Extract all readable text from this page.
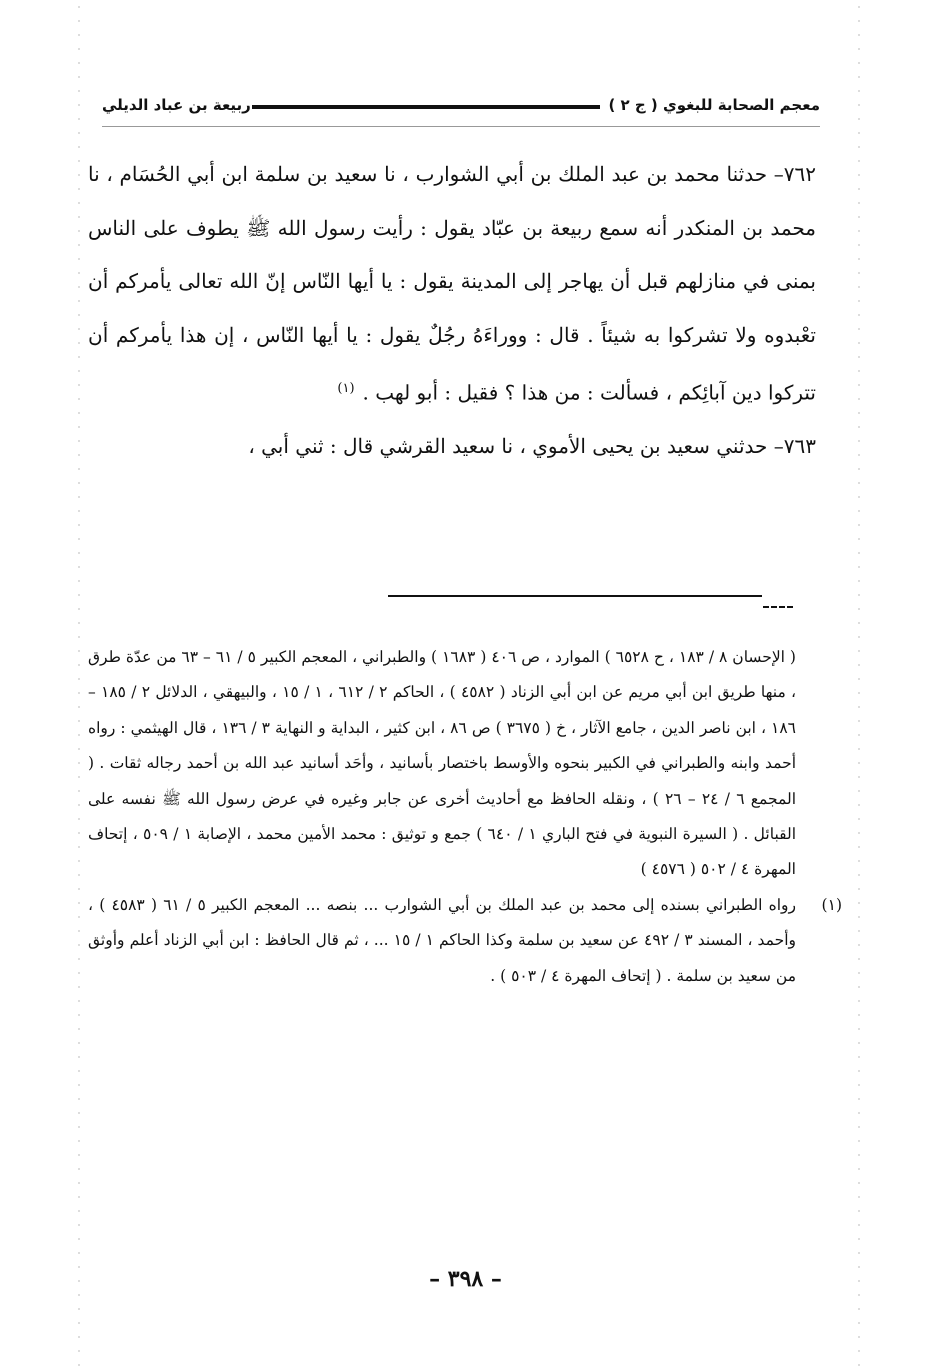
معجم الصحابة للبغوي ( ج ٢ )
ربيعة بن عباد الديلي

٧٦٢– حدثنا محمد بن عبد الملك بن أبي الشوارب ، نا سعيد بن سلمة ابن أبي الحُسَام ، نا محمد بن المنكدر أنه سمع ربيعة بن عبّاد يقول : رأيت رسول الله ﷺ يطوف على الناس بمنى في منازلهم قبل أن يهاجر إلى المدينة يقول : يا أيها النّاس إنّ الله تعالى يأمركم أن تعْبدوه ولا تشركوا به شيئاً . قال : ووراءَهُ رجُلٌ يقول : يا أيها النّاس ، إن هذا يأمركم أن تتركوا دين آبائِكم ، فسألت : من هذا ؟ فقيل : أبو لهب .$^{(١)}$

٧٦٣– حدثني سعيد بن يحيى الأموي ، نا سعيد القرشي قال : ثني أبي ،

( الإحسان ٨ / ١٨٣ ، ح ٦٥٢٨ ) الموارد ، ص ٤٠٦ ( ١٦٨٣ ) والطبراني ، المعجم الكبير ٥ / ٦١ – ٦٣ من عدّة طرق ، منها طريق ابن أبي مريم عن ابن أبي الزناد ( ٤٥٨٢ ) ، الحاكم ٢ / ٦١٢ ، ١ / ١٥ ، والبيهقي ، الدلائل ٢ / ١٨٥ – ١٨٦ ، ابن ناصر الدين ، جامع الآثار ، خ ( ٣٦٧٥ ) ص ٨٦ ، ابن كثير ، البداية و النهاية ٣ / ١٣٦ ، قال الهيثمي : رواه أحمد وابنه والطبراني في الكبير بنحوه والأوسط باختصار بأسانيد ، وأحَد أسانيد عبد الله بن أحمد رجاله ثقات . ( المجمع ٦ / ٢٤ – ٢٦ ) ، ونقله الحافظ مع أحاديث أخرى عن جابر وغيره في عرض رسول الله ﷺ نفسه على القبائل . ( السيرة النبوية في فتح الباري ١ / ٦٤٠ ) جمع و توثيق : محمد الأمين محمد ، الإصابة ١ / ٥٠٩ ، إتحاف المهرة ٤ / ٥٠٢ ( ٤٥٧٦ )

(١)
رواه الطبراني بسنده إلى محمد بن عبد الملك بن أبي الشوارب ... بنصه ... المعجم الكبير ٥ / ٦١ ( ٤٥٨٣ ) ، وأحمد ، المسند ٣ / ٤٩٢ عن سعيد بن سلمة وكذا الحاكم ١ / ١٥ ... ، ثم قال الحافظ : ابن أبي الزناد أعلم وأوثق من سعيد بن سلمة . ( إتحاف المهرة ٤ / ٥٠٣ ) .

– ٣٩٨ –
